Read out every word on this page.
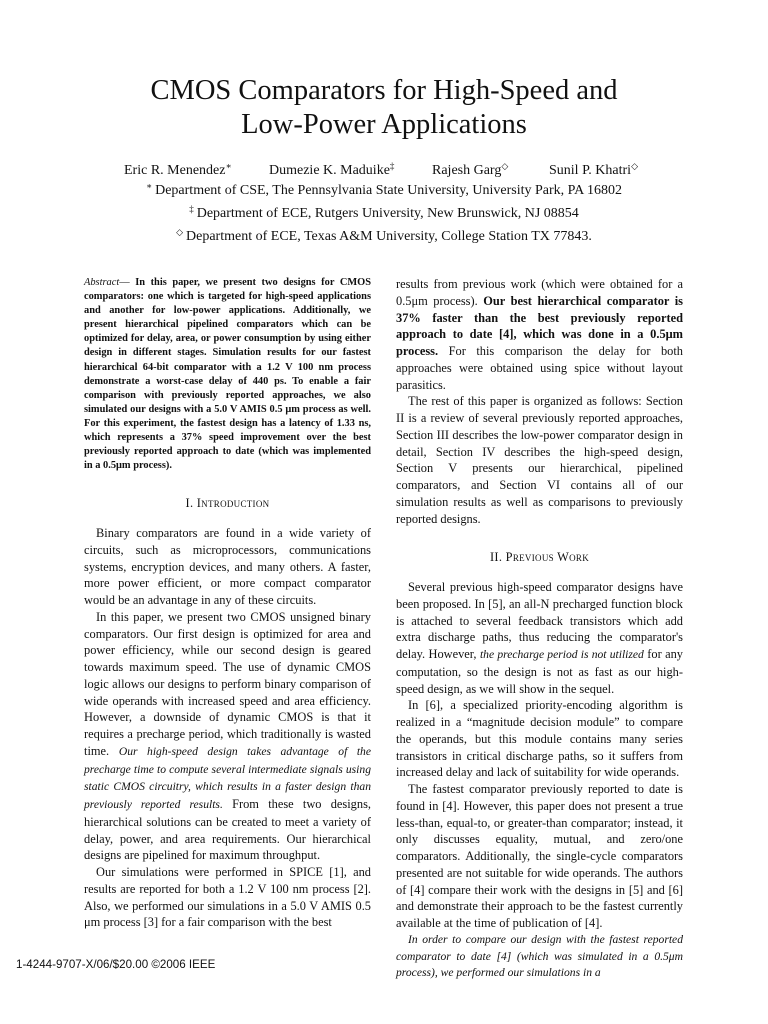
CMOS Comparators for High-Speed and
Low-Power Applications
Eric R. Menendez∗	Dumezie K. Maduike‡	Rajesh Garg◇	Sunil P. Khatri◇
∗ Department of CSE, The Pennsylvania State University, University Park, PA 16802
‡ Department of ECE, Rutgers University, New Brunswick, NJ 08854
◇ Department of ECE, Texas A&M University, College Station TX 77843.
Abstract— In this paper, we present two designs for CMOS comparators: one which is targeted for high-speed applications and another for low-power applications. Additionally, we present hierarchical pipelined comparators which can be optimized for delay, area, or power consumption by using either design in different stages. Simulation results for our fastest hierarchical 64-bit comparator with a 1.2 V 100 nm process demonstrate a worst-case delay of 440 ps. To enable a fair comparison with previously reported approaches, we also simulated our designs with a 5.0 V AMIS 0.5 μm process as well. For this experiment, the fastest design has a latency of 1.33 ns, which represents a 37% speed improvement over the best previously reported approach to date (which was implemented in a 0.5μm process).
I. Introduction

Binary comparators are found in a wide variety of circuits, such as microprocessors, communications systems, encryption devices, and many others. A faster, more power efficient, or more compact comparator would be an advantage in any of these circuits.

In this paper, we present two CMOS unsigned binary comparators. Our first design is optimized for area and power efficiency, while our second design is geared towards maximum speed. The use of dynamic CMOS logic allows our designs to perform binary comparison of wide operands with increased speed and area efficiency. However, a downside of dynamic CMOS is that it requires a precharge period, which traditionally is wasted time. Our high-speed design takes advantage of the precharge time to compute several intermediate signals using static CMOS circuitry, which results in a faster design than previously reported results. From these two designs, hierarchical solutions can be created to meet a variety of delay, power, and area requirements. Our hierarchical designs are pipelined for maximum throughput.

Our simulations were performed in SPICE [1], and results are reported for both a 1.2 V 100 nm process [2]. Also, we performed our simulations in a 5.0 V AMIS 0.5 μm process [3] for a fair comparison with the best

results from previous work (which were obtained for a 0.5μm process). Our best hierarchical comparator is 37% faster than the best previously reported approach to date [4], which was done in a 0.5μm process. For this comparison the delay for both approaches were obtained using spice without layout parasitics.

The rest of this paper is organized as follows: Section II is a review of several previously reported approaches, Section III describes the low-power comparator design in detail, Section IV describes the high-speed design, Section V presents our hierarchical, pipelined comparators, and Section VI contains all of our simulation results as well as comparisons to previously reported designs.

II. Previous Work

Several previous high-speed comparator designs have been proposed. In [5], an all-N precharged function block is attached to several feedback transistors which add extra discharge paths, thus reducing the comparator's delay. However, the precharge period is not utilized for any computation, so the design is not as fast as our high-speed design, as we will show in the sequel.

In [6], a specialized priority-encoding algorithm is realized in a “magnitude decision module” to compare the operands, but this module contains many series transistors in critical discharge paths, so it suffers from increased delay and lack of suitability for wide operands.

The fastest comparator previously reported to date is found in [4]. However, this paper does not present a true less-than, equal-to, or greater-than comparator; instead, it only discusses equality, mutual, and zero/one comparators. Additionally, the single-cycle comparators presented are not suitable for wide operands. The authors of [4] compare their work with the designs in [5] and [6] and demonstrate their approach to be the fastest currently available at the time of publication of [4].

In order to compare our design with the fastest reported comparator to date [4] (which was simulated in a 0.5μm process), we performed our simulations in a

1-4244-9707-X/06/$20.00 ©2006 IEEE
